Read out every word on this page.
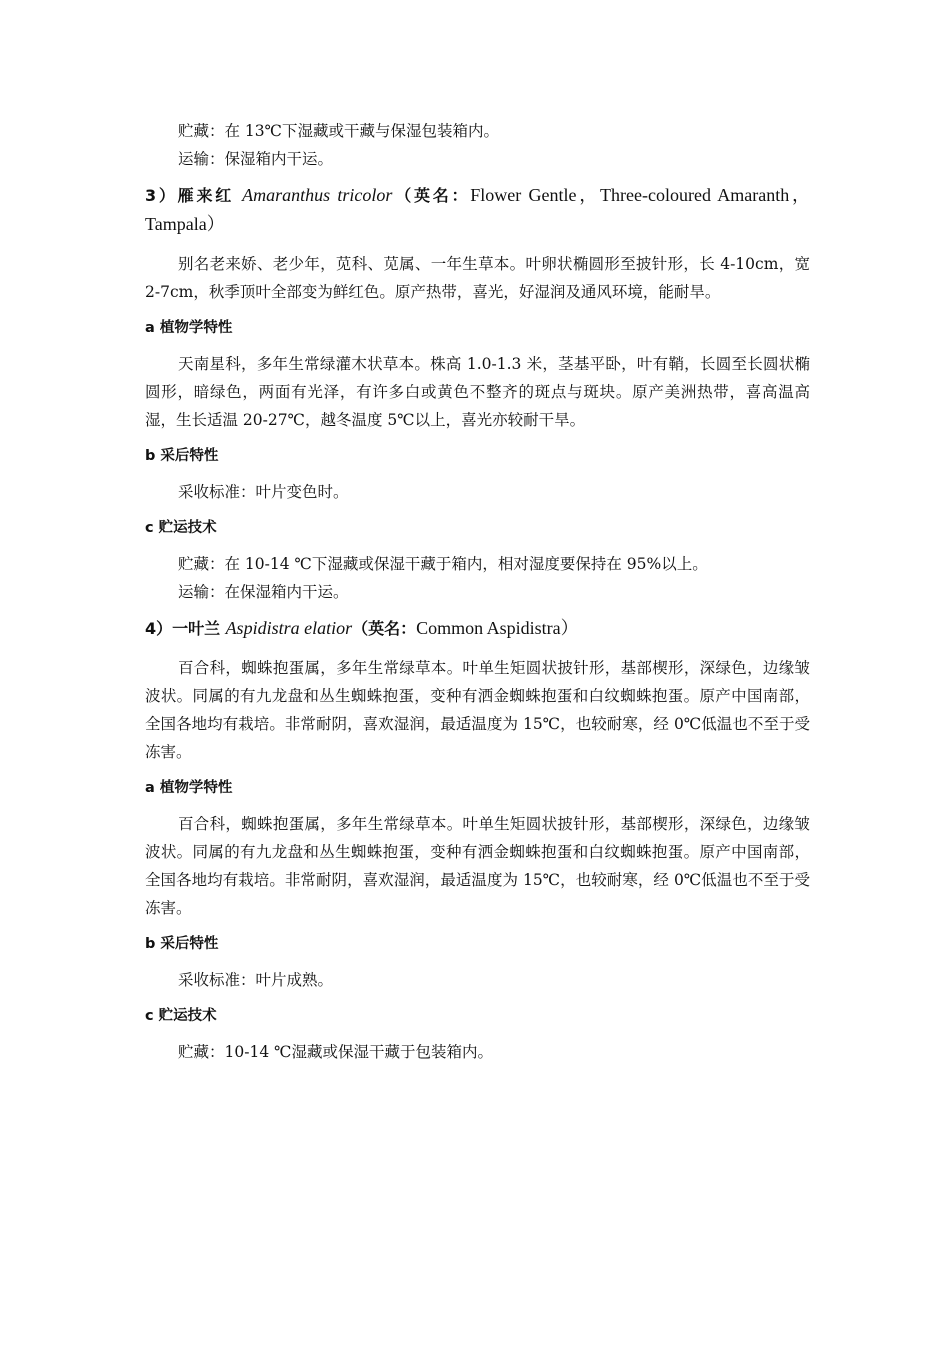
贮藏：在 13℃下湿藏或干藏与保湿包装箱内。

运输：保湿箱内干运。

3）雁来红 Amaranthus tricolor（英名：Flower Gentle，Three-coloured Amaranth，Tampala）

别名老来娇、老少年，苋科、苋属、一年生草本。叶卵状椭圆形至披针形，长 4-10cm，宽 2-7cm，秋季顶叶全部变为鲜红色。原产热带，喜光，好湿润及通风环境，能耐旱。

a 植物学特性

天南星科，多年生常绿灌木状草本。株高 1.0-1.3 米，茎基平卧，叶有鞘，长圆至长圆状椭圆形，暗绿色，两面有光泽，有许多白或黄色不整齐的斑点与斑块。原产美洲热带，喜高温高湿，生长适温 20-27℃，越冬温度 5℃以上，喜光亦较耐干旱。

b 采后特性

采收标准：叶片变色时。

c 贮运技术

贮藏：在 10-14 ℃下湿藏或保湿干藏于箱内，相对湿度要保持在 95%以上。

运输：在保湿箱内干运。

4）一叶兰 Aspidistra elatior（英名：Common Aspidistra）

百合科，蜘蛛抱蛋属，多年生常绿草本。叶单生矩圆状披针形，基部楔形，深绿色，边缘皱波状。同属的有九龙盘和丛生蜘蛛抱蛋，变种有洒金蜘蛛抱蛋和白纹蜘蛛抱蛋。原产中国南部，全国各地均有栽培。非常耐阴，喜欢湿润，最适温度为 15℃，也较耐寒，经 0℃低温也不至于受冻害。

a 植物学特性

百合科，蜘蛛抱蛋属，多年生常绿草本。叶单生矩圆状披针形，基部楔形，深绿色，边缘皱波状。同属的有九龙盘和丛生蜘蛛抱蛋，变种有洒金蜘蛛抱蛋和白纹蜘蛛抱蛋。原产中国南部，全国各地均有栽培。非常耐阴，喜欢湿润，最适温度为 15℃，也较耐寒，经 0℃低温也不至于受冻害。

b 采后特性

采收标准：叶片成熟。

c 贮运技术

贮藏：10-14 ℃湿藏或保湿干藏于包装箱内。
